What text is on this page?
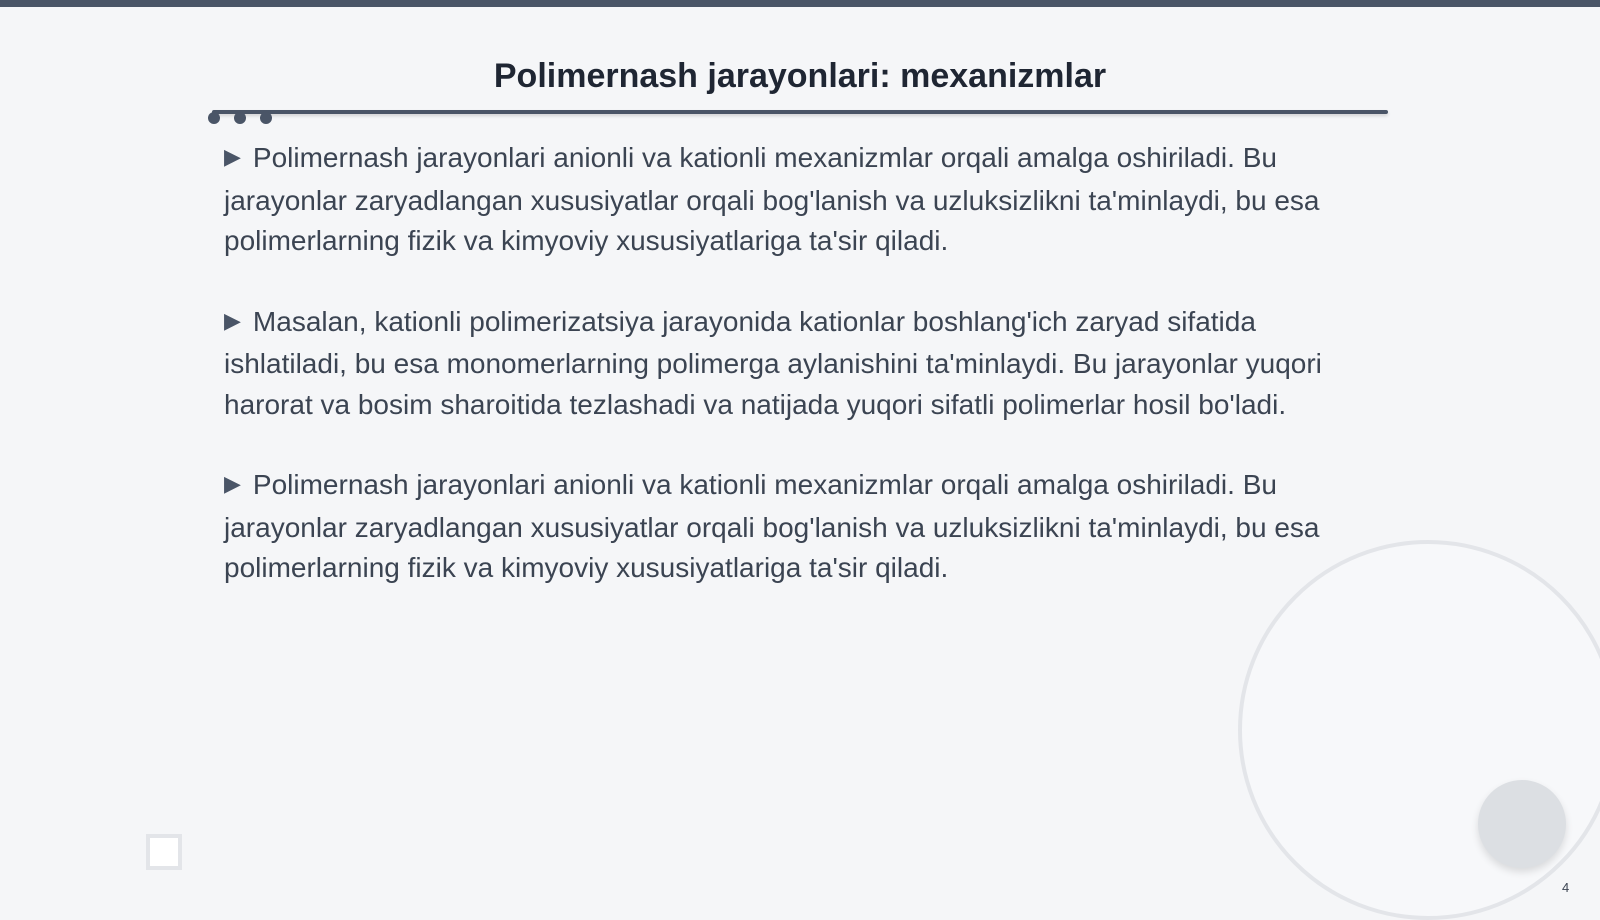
Polimernash jarayonlari: mexanizmlar

▶ Polimernash jarayonlari anionli va kationli mexanizmlar orqali amalga oshiriladi. Bu jarayonlar zaryadlangan xususiyatlar orqali bog'lanish va uzluksizlikni ta'minlaydi, bu esa polimerlarning fizik va kimyoviy xususiyatlariga ta'sir qiladi.

▶ Masalan, kationli polimerizatsiya jarayonida kationlar boshlang'ich zaryad sifatida ishlatiladi, bu esa monomerlarning polimerga aylanishini ta'minlaydi. Bu jarayonlar yuqori harorat va bosim sharoitida tezlashadi va natijada yuqori sifatli polimerlar hosil bo'ladi.

▶ Polimernash jarayonlari anionli va kationli mexanizmlar orqali amalga oshiriladi. Bu jarayonlar zaryadlangan xususiyatlar orqali bog'lanish va uzluksizlikni ta'minlaydi, bu esa polimerlarning fizik va kimyoviy xususiyatlariga ta'sir qiladi.

4
